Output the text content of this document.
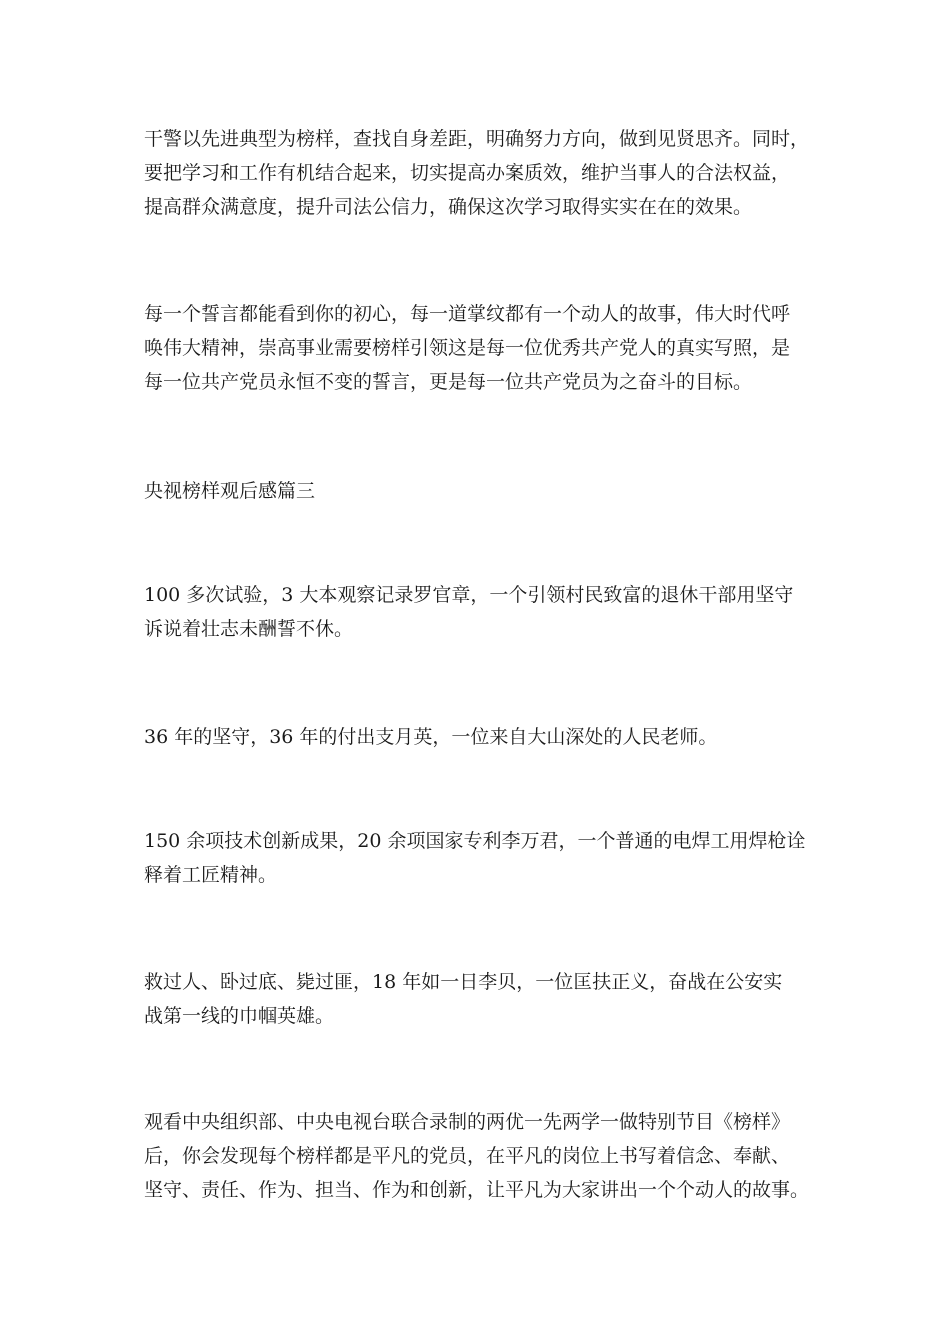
干警以先进典型为榜样，查找自身差距，明确努力方向，做到见贤思齐。同时，
要把学习和工作有机结合起来，切实提高办案质效，维护当事人的合法权益，
提高群众满意度，提升司法公信力，确保这次学习取得实实在在的效果。

每一个誓言都能看到你的初心，每一道掌纹都有一个动人的故事，伟大时代呼
唤伟大精神，崇高事业需要榜样引领这是每一位优秀共产党人的真实写照，是
每一位共产党员永恒不变的誓言，更是每一位共产党员为之奋斗的目标。

央视榜样观后感篇三

100 多次试验，3 大本观察记录罗官章，一个引领村民致富的退休干部用坚守
诉说着壮志未酬誓不休。

36 年的坚守，36 年的付出支月英，一位来自大山深处的人民老师。

150 余项技术创新成果，20 余项国家专利李万君，一个普通的电焊工用焊枪诠
释着工匠精神。

救过人、卧过底、毙过匪，18 年如一日李贝，一位匡扶正义，奋战在公安实
战第一线的巾帼英雄。

观看中央组织部、中央电视台联合录制的两优一先两学一做特别节目《榜样》
后，你会发现每个榜样都是平凡的党员，在平凡的岗位上书写着信念、奉献、
坚守、责任、作为、担当、作为和创新，让平凡为大家讲出一个个动人的故事。
